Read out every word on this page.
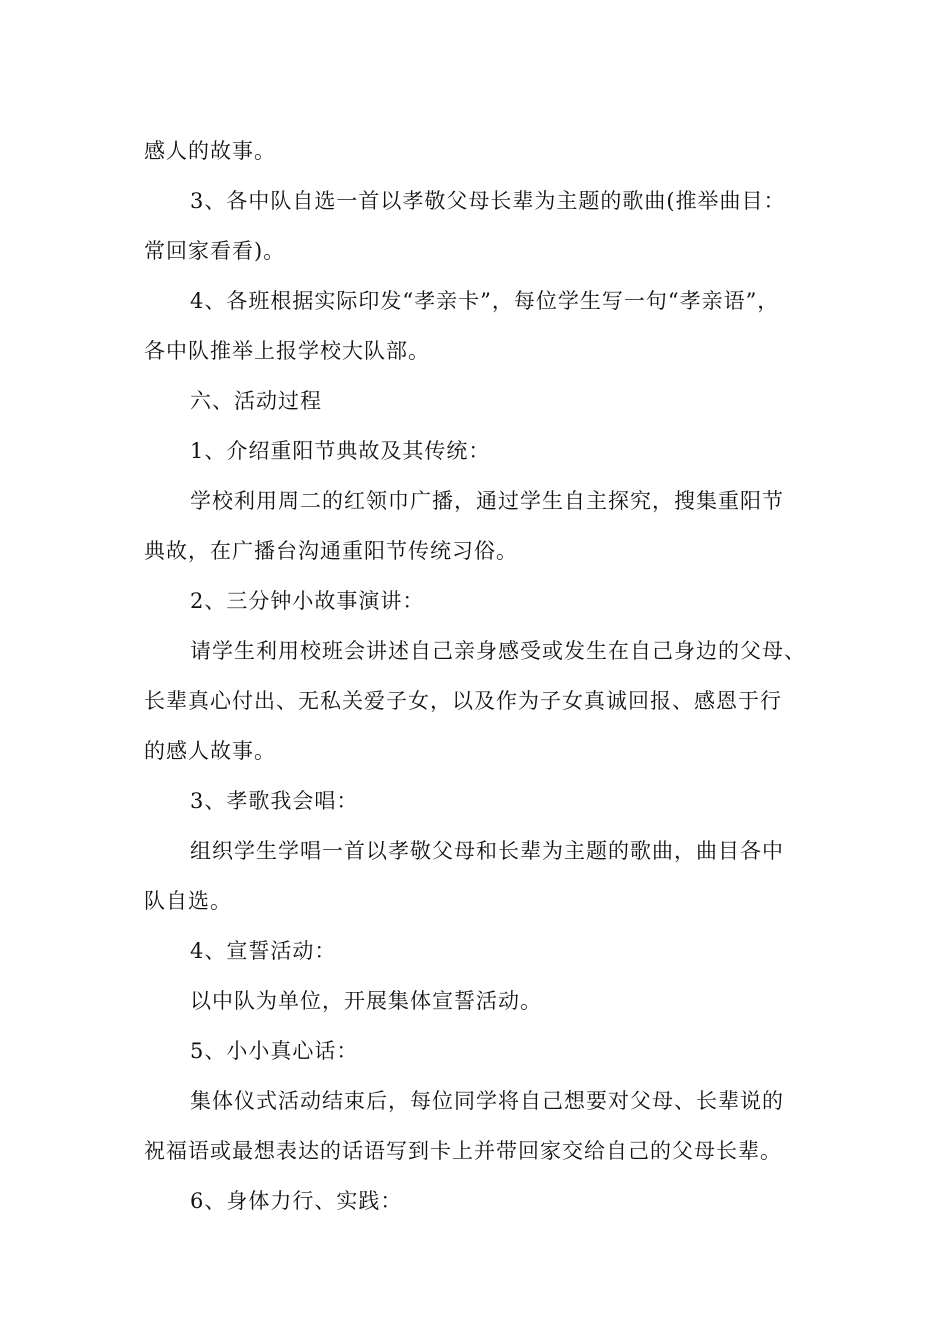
感人的故事。
3、各中队自选一首以孝敬父母长辈为主题的歌曲(推举曲目：
常回家看看)。
4、各班根据实际印发“孝亲卡”，每位学生写一句“孝亲语”，
各中队推举上报学校大队部。
六、活动过程
1、介绍重阳节典故及其传统：
学校利用周二的红领巾广播，通过学生自主探究，搜集重阳节
典故，在广播台沟通重阳节传统习俗。
2、三分钟小故事演讲：
请学生利用校班会讲述自己亲身感受或发生在自己身边的父母、
长辈真心付出、无私关爱子女，以及作为子女真诚回报、感恩于行
的感人故事。
3、孝歌我会唱：
组织学生学唱一首以孝敬父母和长辈为主题的歌曲，曲目各中
队自选。
4、宣誓活动：
以中队为单位，开展集体宣誓活动。
5、小小真心话：
集体仪式活动结束后，每位同学将自己想要对父母、长辈说的
祝福语或最想表达的话语写到卡上并带回家交给自己的父母长辈。
6、身体力行、实践：
